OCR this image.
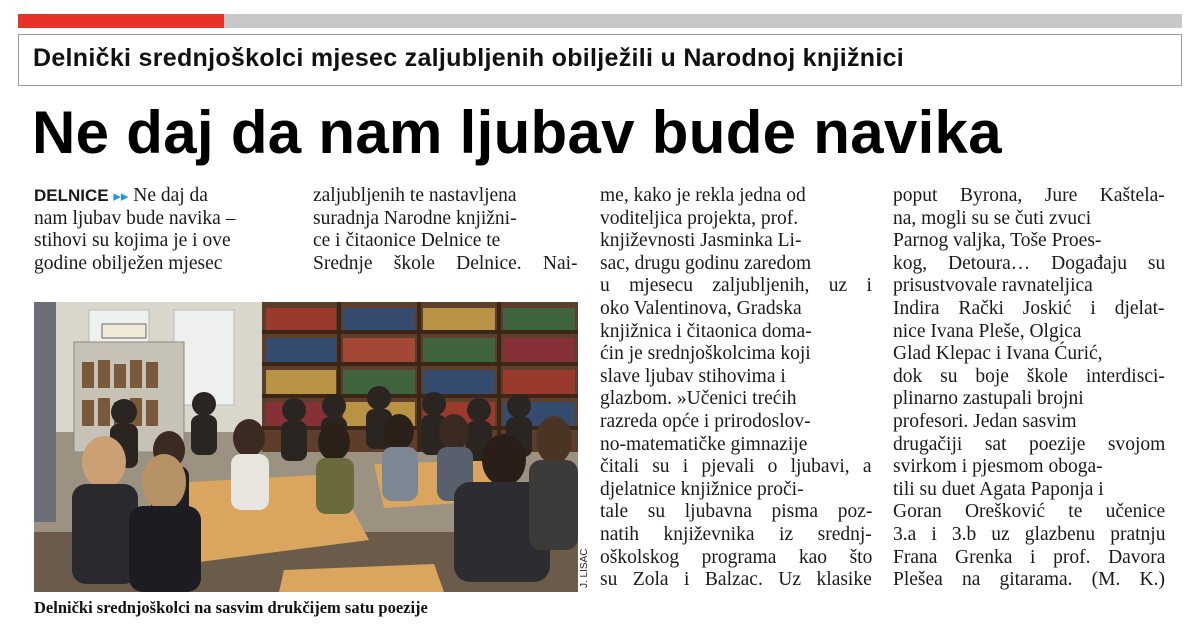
Delnički srednjoškolci mjesec zaljubljenih obilježili u Narodnoj knjižnici
Ne daj da nam ljubav bude navika
DELNICE ▸▸ Ne daj da
nam ljubav bude navika –
stihovi su kojima je i ove
godine obilježen mjesec
zaljubljenih te nastavljena
suradnja Narodne knjižni-
ce i čitaonice Delnice te
Srednje škole Delnice. Nai-
me, kako je rekla jedna od
voditeljica projekta, prof.
književnosti Jasminka Li-
sac, drugu godinu zaredom
u mjesecu zaljubljenih, uz i
oko Valentinova, Gradska
knjižnica i čitaonica doma-
ćin je srednjoškolcima koji
slave ljubav stihovima i
glazbom. »Učenici trećih
razreda opće i prirodoslov-
no-matematičke gimnazije
čitali su i pjevali o ljubavi, a
djelatnice knjižnice proči-
tale su ljubavna pisma poz-
natih književnika iz srednj-
oškolskog programa kao što
su Zola i Balzac. Uz klasike
poput Byrona, Jure Kaštela-
na, mogli su se čuti zvuci
Parnog valjka, Toše Proes-
kog, Detoura… Događaju su
prisustvovale ravnateljica
Indira Rački Joskić i djelat-
nice Ivana Pleše, Olgica
Glad Klepac i Ivana Ćurić,
dok su boje škole interdisci-
plinarno zastupali brojni
profesori. Jedan sasvim
drugačiji sat poezije svojom
svirkom i pjesmom oboga-
tili su duet Agata Paponja i
Goran Orešković te učenice
3.a i 3.b uz glazbenu pratnju
Frana Grenka i prof. Davora
Plešea na gitarama. (M. K.)
J. LISAC
Delnički srednjoškolci na sasvim drukčijem satu poezije
